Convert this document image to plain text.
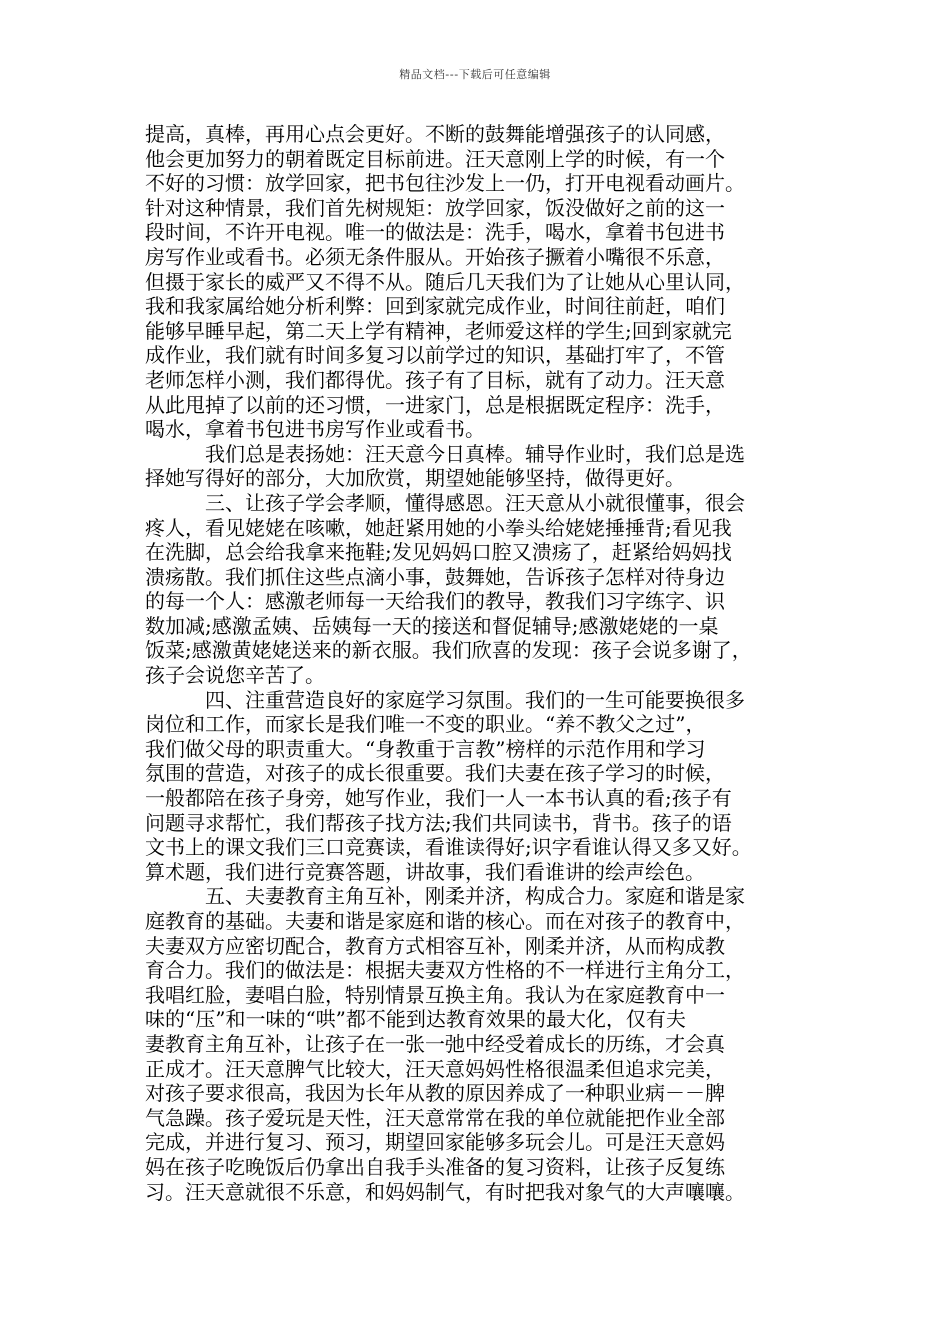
精品文档---下载后可任意编辑
提高，真棒，再用心点会更好。不断的鼓舞能增强孩子的认同感，
他会更加努力的朝着既定目标前进。汪天意刚上学的时候，有一个
不好的习惯：放学回家，把书包往沙发上一仍，打开电视看动画片。
针对这种情景，我们首先树规矩：放学回家，饭没做好之前的这一
段时间，不许开电视。唯一的做法是：洗手，喝水，拿着书包进书
房写作业或看书。必须无条件服从。开始孩子撅着小嘴很不乐意，
但摄于家长的威严又不得不从。随后几天我们为了让她从心里认同，
我和我家属给她分析利弊：回到家就完成作业，时间往前赶，咱们
能够早睡早起，第二天上学有精神，老师爱这样的学生;回到家就完
成作业，我们就有时间多复习以前学过的知识，基础打牢了，不管
老师怎样小测，我们都得优。孩子有了目标，就有了动力。汪天意
从此甩掉了以前的还习惯，一进家门，总是根据既定程序：洗手，
喝水，拿着书包进书房写作业或看书。
我们总是表扬她：汪天意今日真棒。辅导作业时，我们总是选
择她写得好的部分，大加欣赏，期望她能够坚持，做得更好。
三、让孩子学会孝顺，懂得感恩。汪天意从小就很懂事，很会
疼人，看见姥姥在咳嗽，她赶紧用她的小拳头给姥姥捶捶背;看见我
在洗脚，总会给我拿来拖鞋;发见妈妈口腔又溃疡了，赶紧给妈妈找
溃疡散。我们抓住这些点滴小事，鼓舞她，告诉孩子怎样对待身边
的每一个人：感激老师每一天给我们的教导，教我们习字练字、识
数加减;感激孟姨、岳姨每一天的接送和督促辅导;感激姥姥的一桌
饭菜;感激黄姥姥送来的新衣服。我们欣喜的发现：孩子会说多谢了，
孩子会说您辛苦了。
四、注重营造良好的家庭学习氛围。我们的一生可能要换很多
岗位和工作，而家长是我们唯一不变的职业。“养不教父之过”，
我们做父母的职责重大。“身教重于言教”榜样的示范作用和学习
氛围的营造，对孩子的成长很重要。我们夫妻在孩子学习的时候，
一般都陪在孩子身旁，她写作业，我们一人一本书认真的看;孩子有
问题寻求帮忙，我们帮孩子找方法;我们共同读书，背书。孩子的语
文书上的课文我们三口竞赛读，看谁读得好;识字看谁认得又多又好。
算术题，我们进行竞赛答题，讲故事，我们看谁讲的绘声绘色。
五、夫妻教育主角互补，刚柔并济，构成合力。家庭和谐是家
庭教育的基础。夫妻和谐是家庭和谐的核心。而在对孩子的教育中，
夫妻双方应密切配合，教育方式相容互补，刚柔并济，从而构成教
育合力。我们的做法是：根据夫妻双方性格的不一样进行主角分工，
我唱红脸，妻唱白脸，特别情景互换主角。我认为在家庭教育中一
味的“压”和一味的“哄”都不能到达教育效果的最大化，仅有夫
妻教育主角互补，让孩子在一张一弛中经受着成长的历练，才会真
正成才。汪天意脾气比较大，汪天意妈妈性格很温柔但追求完美，
对孩子要求很高，我因为长年从教的原因养成了一种职业病－－脾
气急躁。孩子爱玩是天性，汪天意常常在我的单位就能把作业全部
完成，并进行复习、预习，期望回家能够多玩会儿。可是汪天意妈
妈在孩子吃晚饭后仍拿出自我手头准备的复习资料，让孩子反复练
习。汪天意就很不乐意，和妈妈制气，有时把我对象气的大声嚷嚷。
